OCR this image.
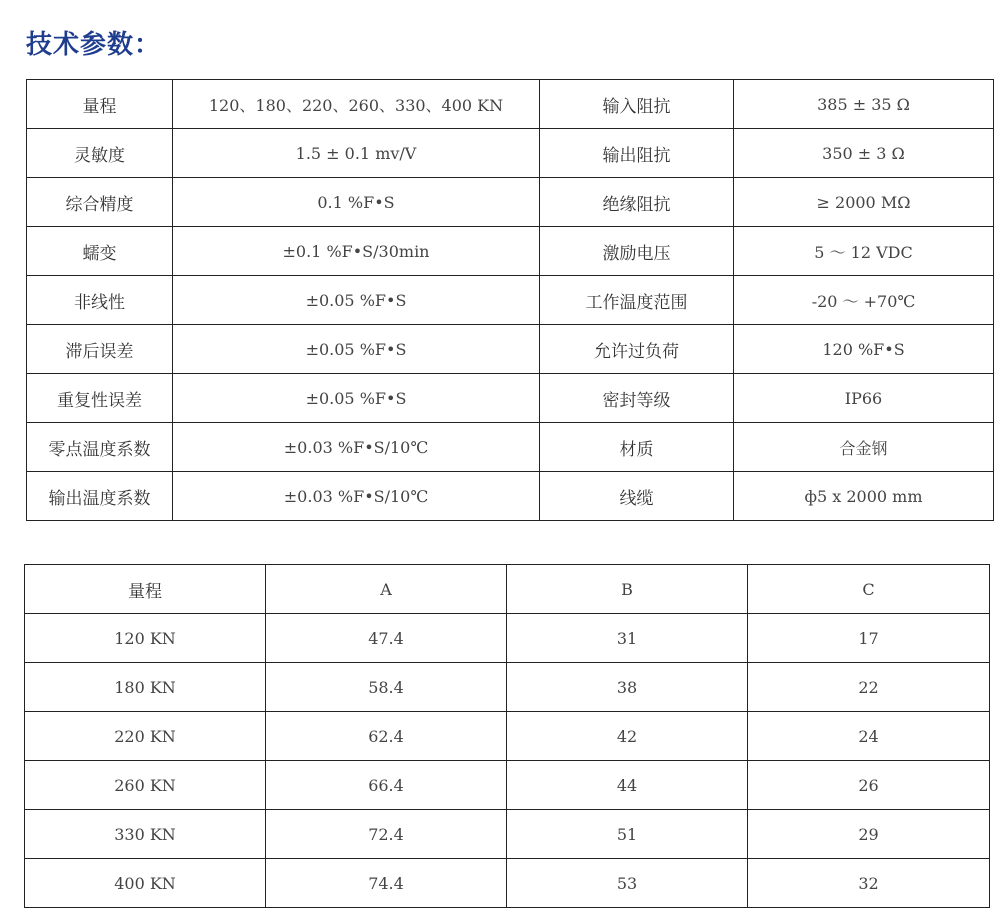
技术参数：
量程	120、180、220、260、330、400 KN	输入阻抗	385 ± 35 Ω
灵敏度	1.5 ± 0.1 mv/V	输出阻抗	350 ± 3 Ω
综合精度	0.1 %F•S	绝缘阻抗	≥ 2000 MΩ
蠕变	±0.1 %F•S/30min	激励电压	5 ～ 12 VDC
非线性	±0.05 %F•S	工作温度范围	-20 ～ +70℃
滞后误差	±0.05 %F•S	允许过负荷	120 %F•S
重复性误差	±0.05 %F•S	密封等级	IP66
零点温度系数	±0.03 %F•S/10℃	材质	合金钢
输出温度系数	±0.03 %F•S/10℃	线缆	ф5 x 2000 mm
量程	A	B	C
120 KN	47.4	31	17
180 KN	58.4	38	22
220 KN	62.4	42	24
260 KN	66.4	44	26
330 KN	72.4	51	29
400 KN	74.4	53	32
